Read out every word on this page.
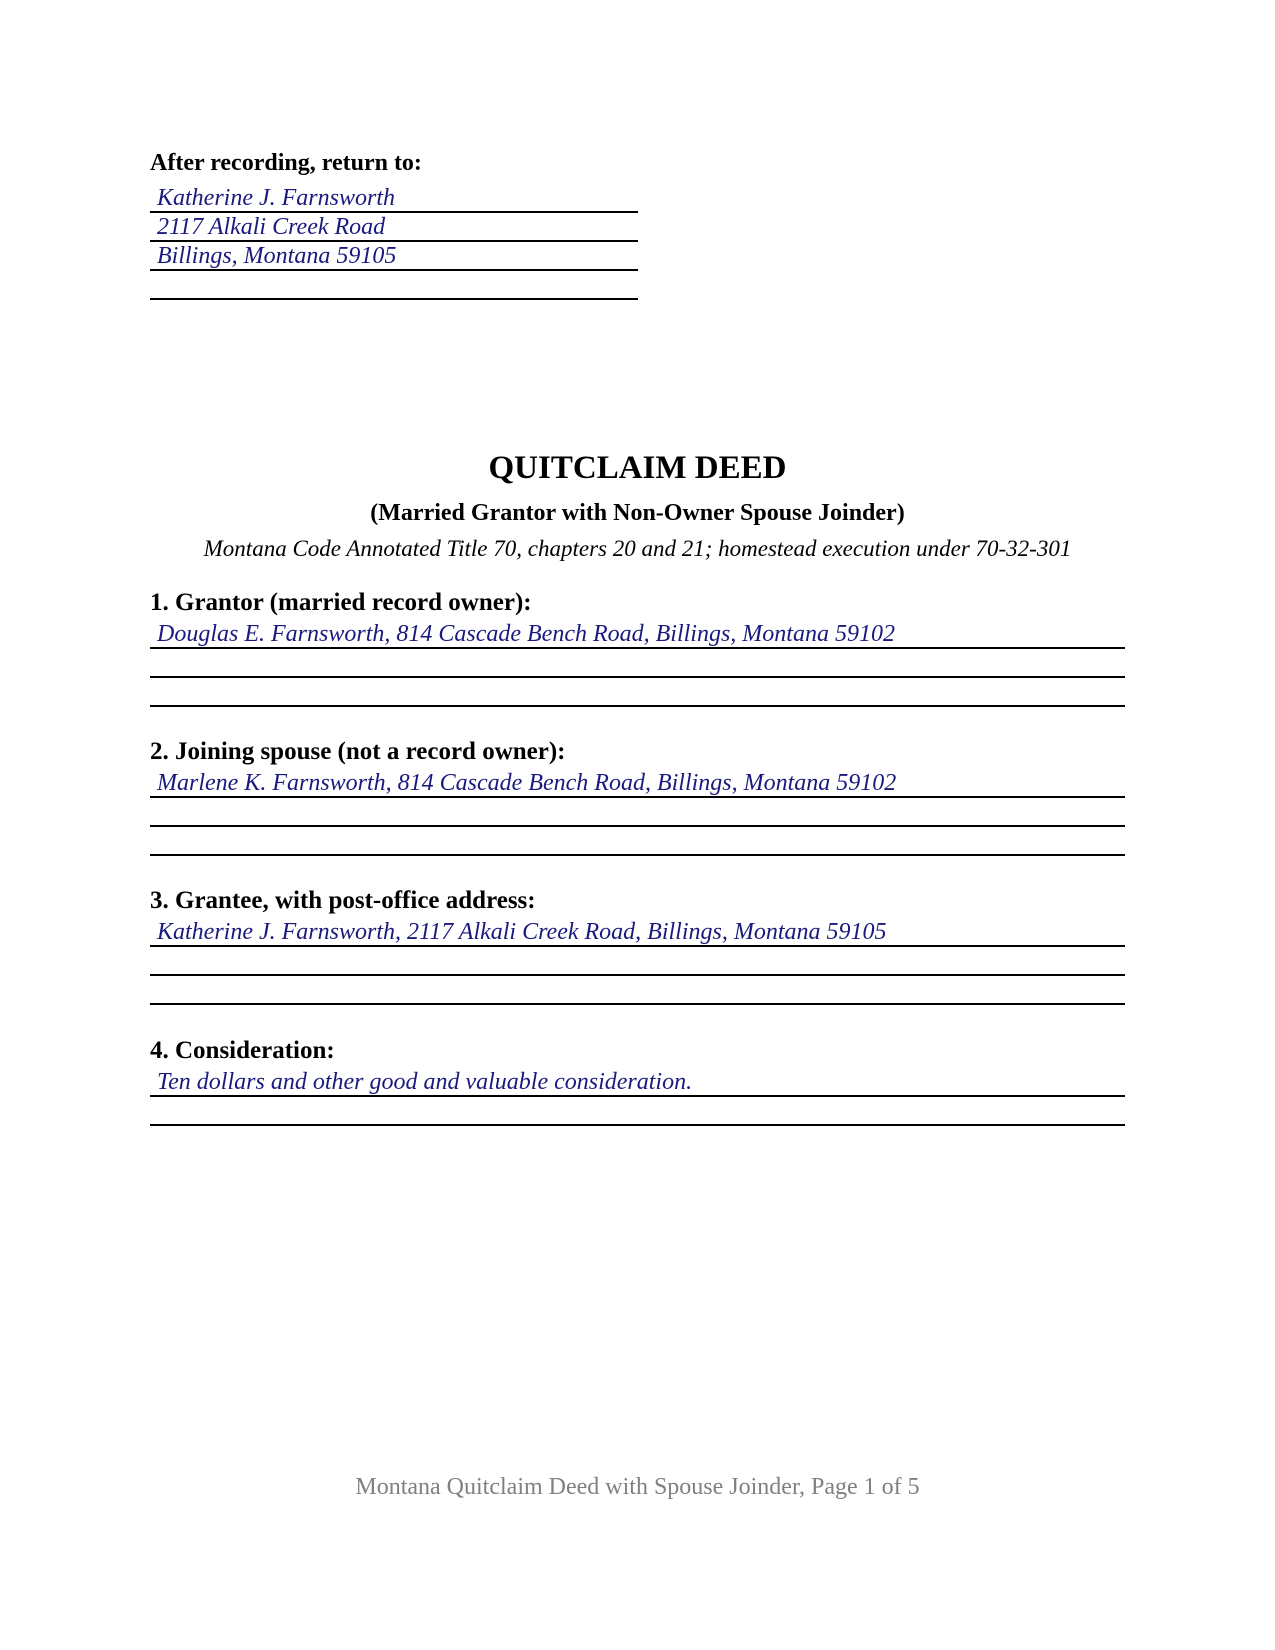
After recording, return to:
Katherine J. Farnsworth
2117 Alkali Creek Road
Billings, Montana 59105
QUITCLAIM DEED
(Married Grantor with Non-Owner Spouse Joinder)
Montana Code Annotated Title 70, chapters 20 and 21; homestead execution under 70-32-301
1. Grantor (married record owner):
Douglas E. Farnsworth, 814 Cascade Bench Road, Billings, Montana 59102
2. Joining spouse (not a record owner):
Marlene K. Farnsworth, 814 Cascade Bench Road, Billings, Montana 59102
3. Grantee, with post-office address:
Katherine J. Farnsworth, 2117 Alkali Creek Road, Billings, Montana 59105
4. Consideration:
Ten dollars and other good and valuable consideration.
Montana Quitclaim Deed with Spouse Joinder, Page 1 of 5
